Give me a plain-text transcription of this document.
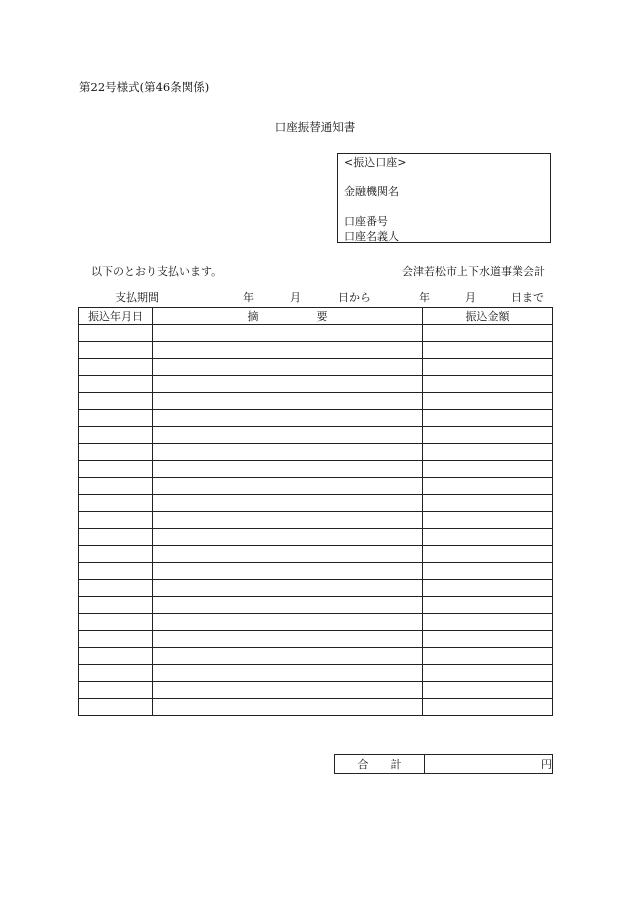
第22号様式(第46条関係)
口座振替通知書
<振込口座>
金融機関名
口座番号
口座名義人
以下のとおり支払います。	会津若松市上下水道事業会計
支払期間	年	月	日から	年	月	日まで
振込年月日	摘 要	振込金額

合 計	円
